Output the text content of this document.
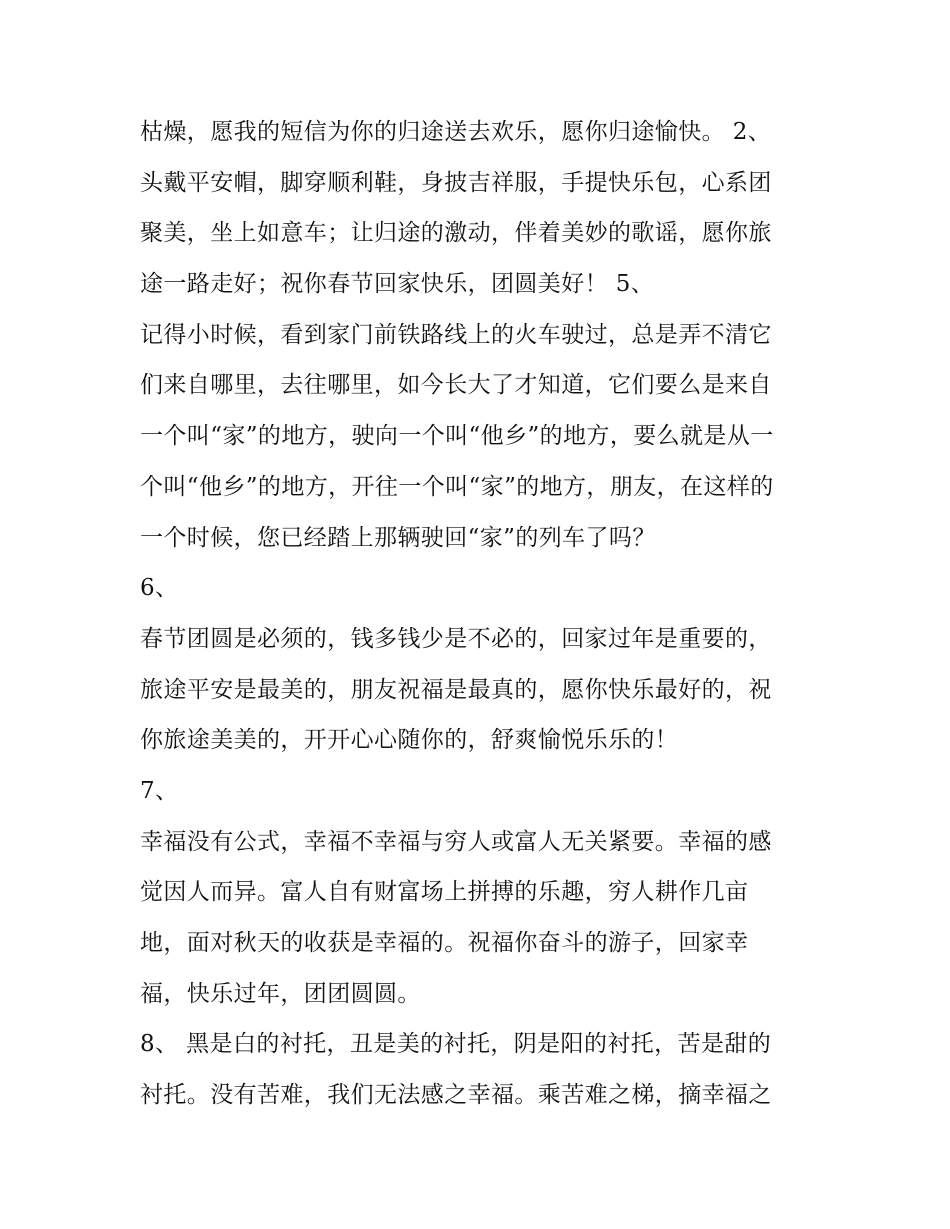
枯燥，愿我的短信为你的归途送去欢乐，愿你归途愉快。 2、
头戴平安帽，脚穿顺利鞋，身披吉祥服，手提快乐包，心系团
聚美，坐上如意车；让归途的激动，伴着美妙的歌谣，愿你旅
途一路走好；祝你春节回家快乐，团圆美好！ 5、
记得小时候，看到家门前铁路线上的火车驶过，总是弄不清它
们来自哪里，去往哪里，如今长大了才知道，它们要么是来自
一个叫“家”的地方，驶向一个叫“他乡”的地方，要么就是从一
个叫“他乡”的地方，开往一个叫“家”的地方，朋友，在这样的
一个时候，您已经踏上那辆驶回“家”的列车了吗？
6、
春节团圆是必须的，钱多钱少是不必的，回家过年是重要的，
旅途平安是最美的，朋友祝福是最真的，愿你快乐最好的，祝
你旅途美美的，开开心心随你的，舒爽愉悦乐乐的！
7、
幸福没有公式，幸福不幸福与穷人或富人无关紧要。幸福的感
觉因人而异。富人自有财富场上拼搏的乐趣，穷人耕作几亩
地，面对秋天的收获是幸福的。祝福你奋斗的游子，回家幸
福，快乐过年，团团圆圆。
8、 黑是白的衬托，丑是美的衬托，阴是阳的衬托，苦是甜的
衬托。没有苦难，我们无法感之幸福。乘苦难之梯，摘幸福之
